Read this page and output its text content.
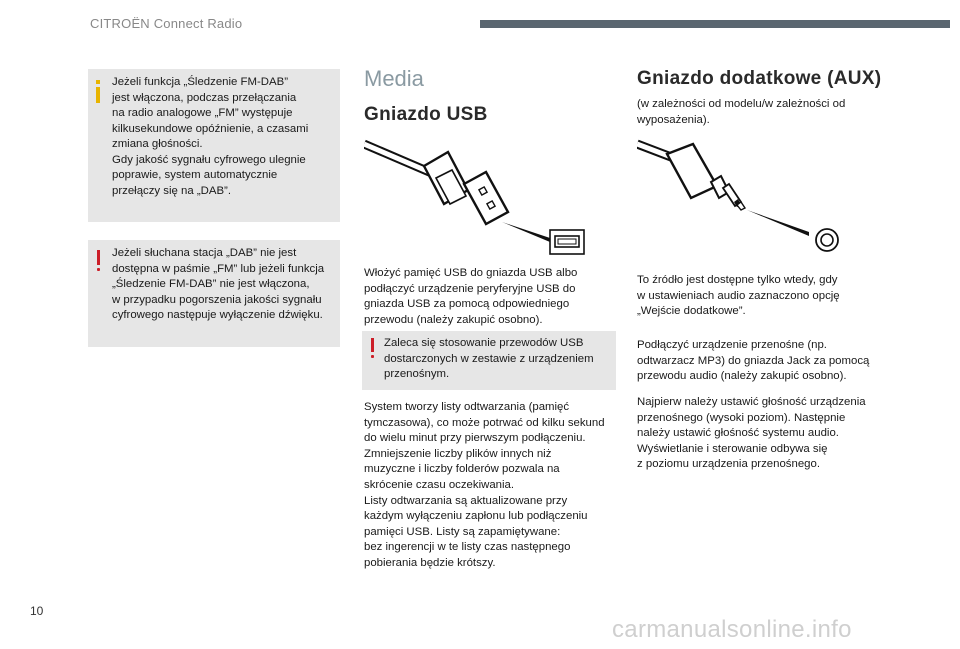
CITROËN Connect Radio

Jeżeli funkcja „Śledzenie FM-DAB”

jest włączona, podczas przełączania

na radio analogowe „FM” występuje

kilkusekundowe opóźnienie, a czasami

zmiana głośności.

Gdy jakość sygnału cyfrowego ulegnie

poprawie, system automatycznie

przełączy się na „DAB”.

Jeżeli słuchana stacja „DAB” nie jest

dostępna w paśmie „FM” lub jeżeli funkcja

„Śledzenie FM-DAB” nie jest włączona,

w przypadku pogorszenia jakości sygnału

cyfrowego następuje wyłączenie dźwięku.

Media
Gniazdo USB

Włożyć pamięć USB do gniazda USB albo

podłączyć urządzenie peryferyjne USB do

gniazda USB za pomocą odpowiedniego

przewodu (należy zakupić osobno).

Zaleca się stosowanie przewodów USB

dostarczonych w zestawie z urządzeniem

przenośnym.

System tworzy listy odtwarzania (pamięć

tymczasowa), co może potrwać od kilku sekund

do wielu minut przy pierwszym podłączeniu.

Zmniejszenie liczby plików innych niż

muzyczne i liczby folderów pozwala na

skrócenie czasu oczekiwania.

Listy odtwarzania są aktualizowane przy

każdym wyłączeniu zapłonu lub podłączeniu

pamięci USB. Listy są zapamiętywane:

bez ingerencji w te listy czas następnego

pobierania będzie krótszy.

Gniazdo dodatkowe (AUX)

(w zależności od modelu/w zależności od

wyposażenia).

To źródło jest dostępne tylko wtedy, gdy

w ustawieniach audio zaznaczono opcję

„Wejście dodatkowe”.

Podłączyć urządzenie przenośne (np.

odtwarzacz MP3) do gniazda Jack za pomocą

przewodu audio (należy zakupić osobno).

Najpierw należy ustawić głośność urządzenia

przenośnego (wysoki poziom). Następnie

należy ustawić głośność systemu audio.

Wyświetlanie i sterowanie odbywa się

z poziomu urządzenia przenośnego.

10
carmanualsonline.info
